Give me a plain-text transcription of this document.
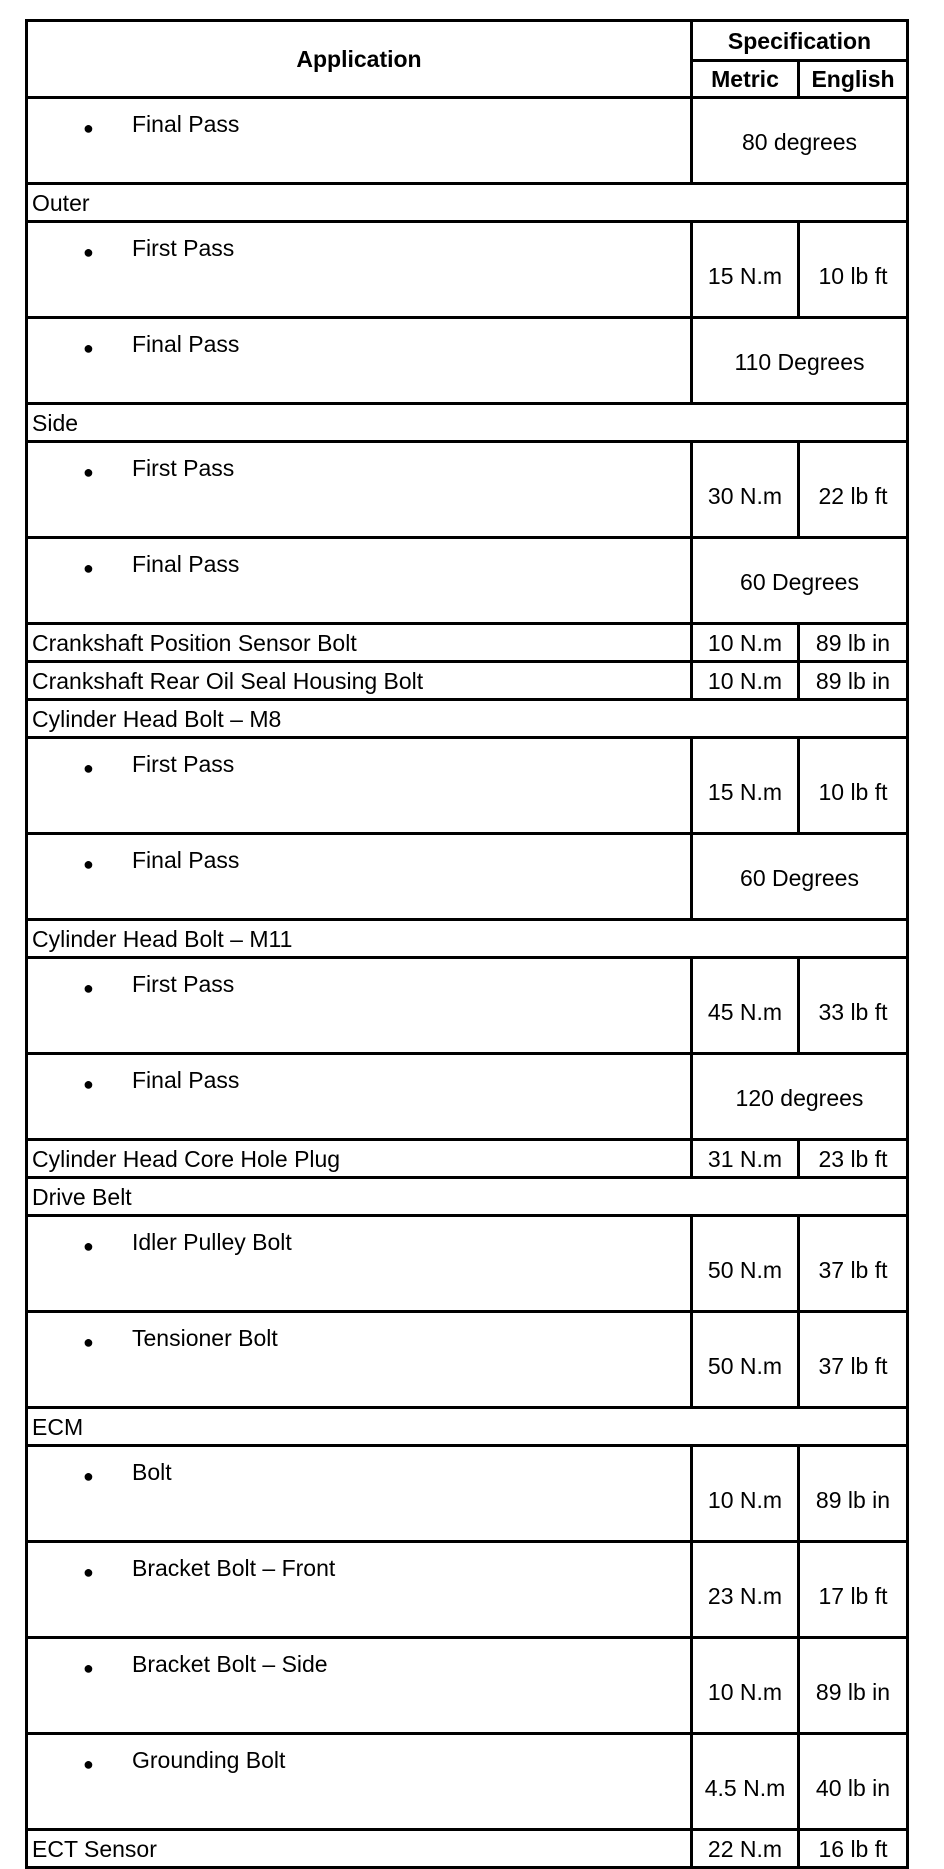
Application	Specification	
	Metric	English

● Final Pass	80 degrees	
Outer		

● First Pass	15 N.m	10 lb ft

● Final Pass	110 Degrees	
Side		

● First Pass	30 N.m	22 lb ft

● Final Pass	60 Degrees	
Crankshaft Position Sensor Bolt	10 N.m	89 lb in
Crankshaft Rear Oil Seal Housing Bolt	10 N.m	89 lb in
Cylinder Head Bolt – M8		

● First Pass	15 N.m	10 lb ft

● Final Pass	60 Degrees	
Cylinder Head Bolt – M11		

● First Pass	45 N.m	33 lb ft

● Final Pass	120 degrees	
Cylinder Head Core Hole Plug	31 N.m	23 lb ft
Drive Belt		

● Idler Pulley Bolt	50 N.m	37 lb ft

● Tensioner Bolt	50 N.m	37 lb ft
ECM		

● Bolt	10 N.m	89 lb in

● Bracket Bolt – Front	23 N.m	17 lb ft

● Bracket Bolt – Side	10 N.m	89 lb in

● Grounding Bolt	4.5 N.m	40 lb in
ECT Sensor	22 N.m	16 lb ft
